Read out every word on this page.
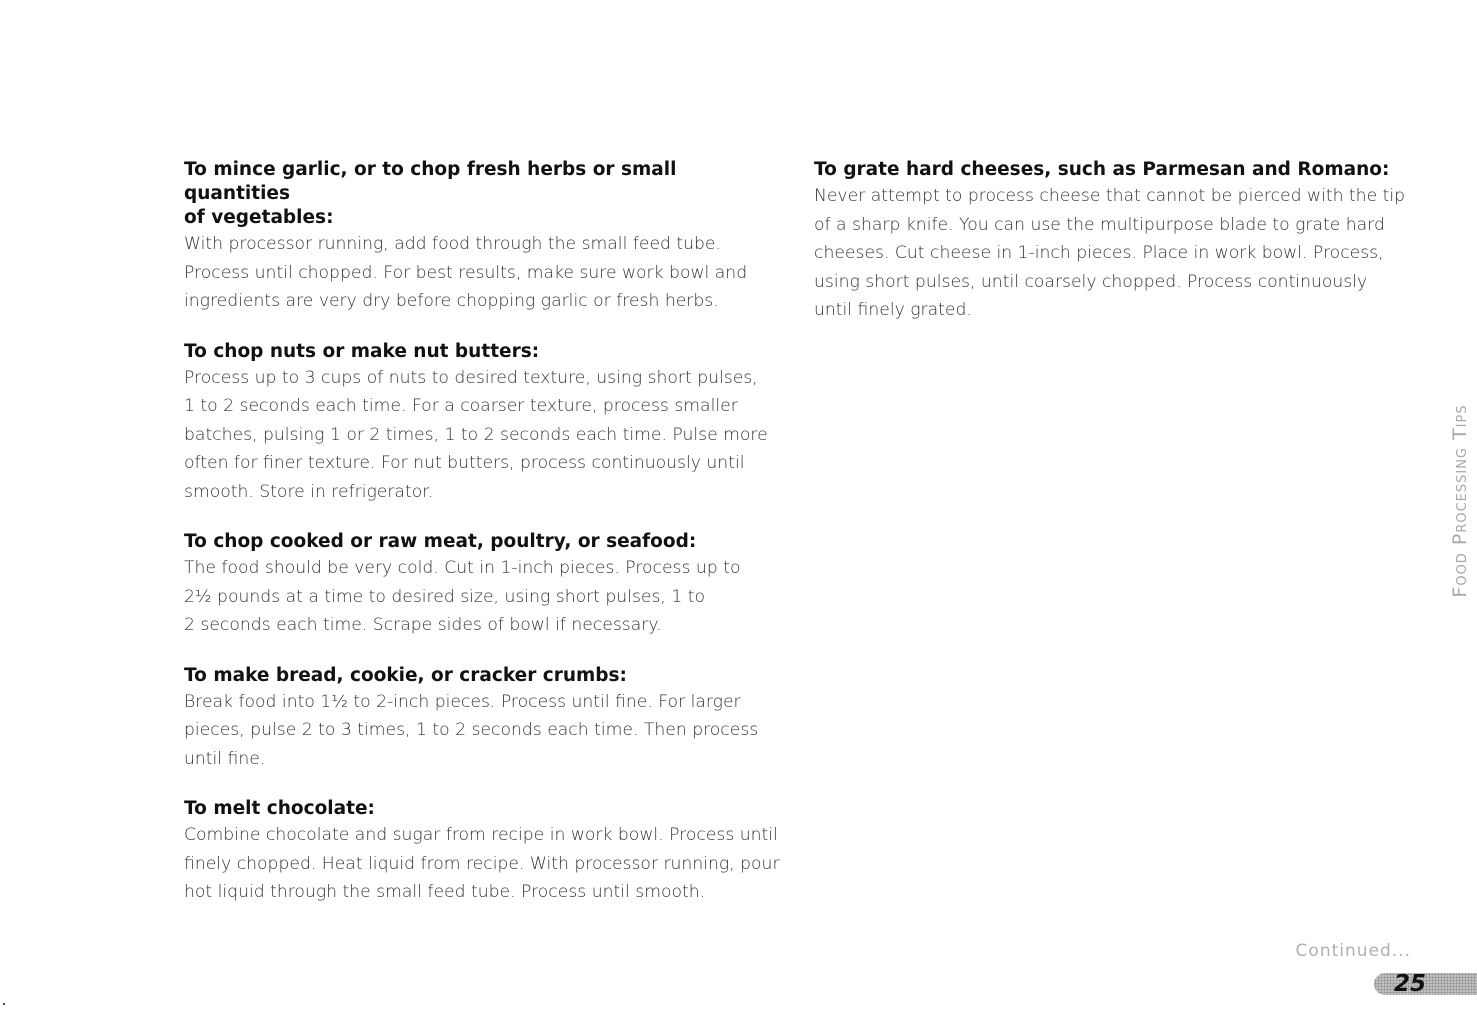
To mince garlic, or to chop fresh herbs or small quantities
of vegetables:

With processor running, add food through the small feed tube.
Process until chopped. For best results, make sure work bowl and
ingredients are very dry before chopping garlic or fresh herbs.

To chop nuts or make nut butters:

Process up to 3 cups of nuts to desired texture, using short pulses,
1 to 2 seconds each time. For a coarser texture, process smaller
batches, pulsing 1 or 2 times, 1 to 2 seconds each time. Pulse more
often for finer texture. For nut butters, process continuously until
smooth. Store in refrigerator.

To chop cooked or raw meat, poultry, or seafood:

The food should be very cold. Cut in 1-inch pieces. Process up to
2½ pounds at a time to desired size, using short pulses, 1 to
2 seconds each time. Scrape sides of bowl if necessary.

To make bread, cookie, or cracker crumbs:

Break food into 1½ to 2-inch pieces. Process until fine. For larger
pieces, pulse 2 to 3 times, 1 to 2 seconds each time. Then process
until fine.

To melt chocolate:

Combine chocolate and sugar from recipe in work bowl. Process until
finely chopped. Heat liquid from recipe. With processor running, pour
hot liquid through the small feed tube. Process until smooth.

To grate hard cheeses, such as Parmesan and Romano:

Never attempt to process cheese that cannot be pierced with the tip
of a sharp knife. You can use the multipurpose blade to grate hard
cheeses. Cut cheese in 1-inch pieces. Place in work bowl. Process,
using short pulses, until coarsely chopped. Process continuously
until finely grated.

Food Processing Tips
Continued...
25
